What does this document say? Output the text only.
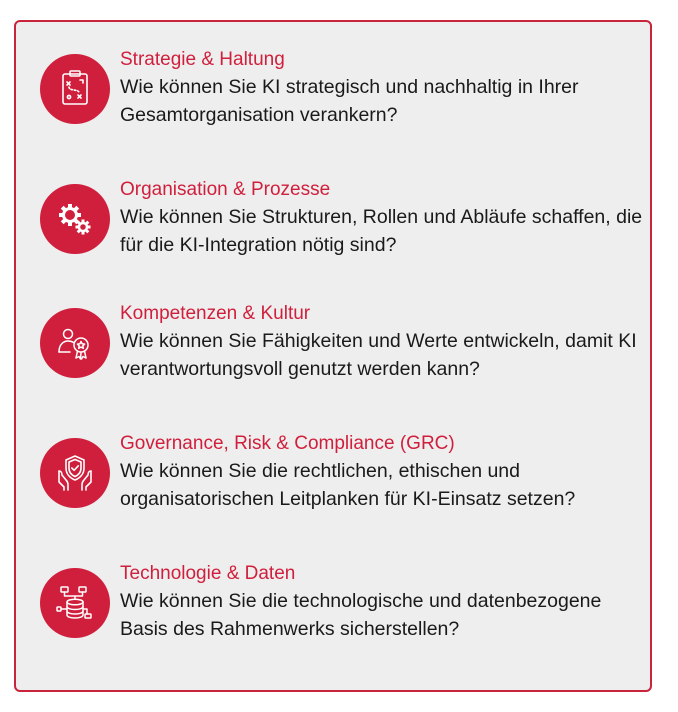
Strategie & Haltung

Wie können Sie KI strategisch und nachhaltig in Ihrer Gesamtorganisation verankern?

Organisation & Prozesse

Wie können Sie Strukturen, Rollen und Abläufe schaffen, die für die KI-Integration nötig sind?

Kompetenzen & Kultur

Wie können Sie Fähigkeiten und Werte entwickeln, damit KI verantwortungsvoll genutzt werden kann?

Governance, Risk & Compliance (GRC)

Wie können Sie die rechtlichen, ethischen und organisatorischen Leitplanken für KI-Einsatz setzen?

Technologie & Daten

Wie können Sie die technologische und datenbezogene Basis des Rahmenwerks sicherstellen?
